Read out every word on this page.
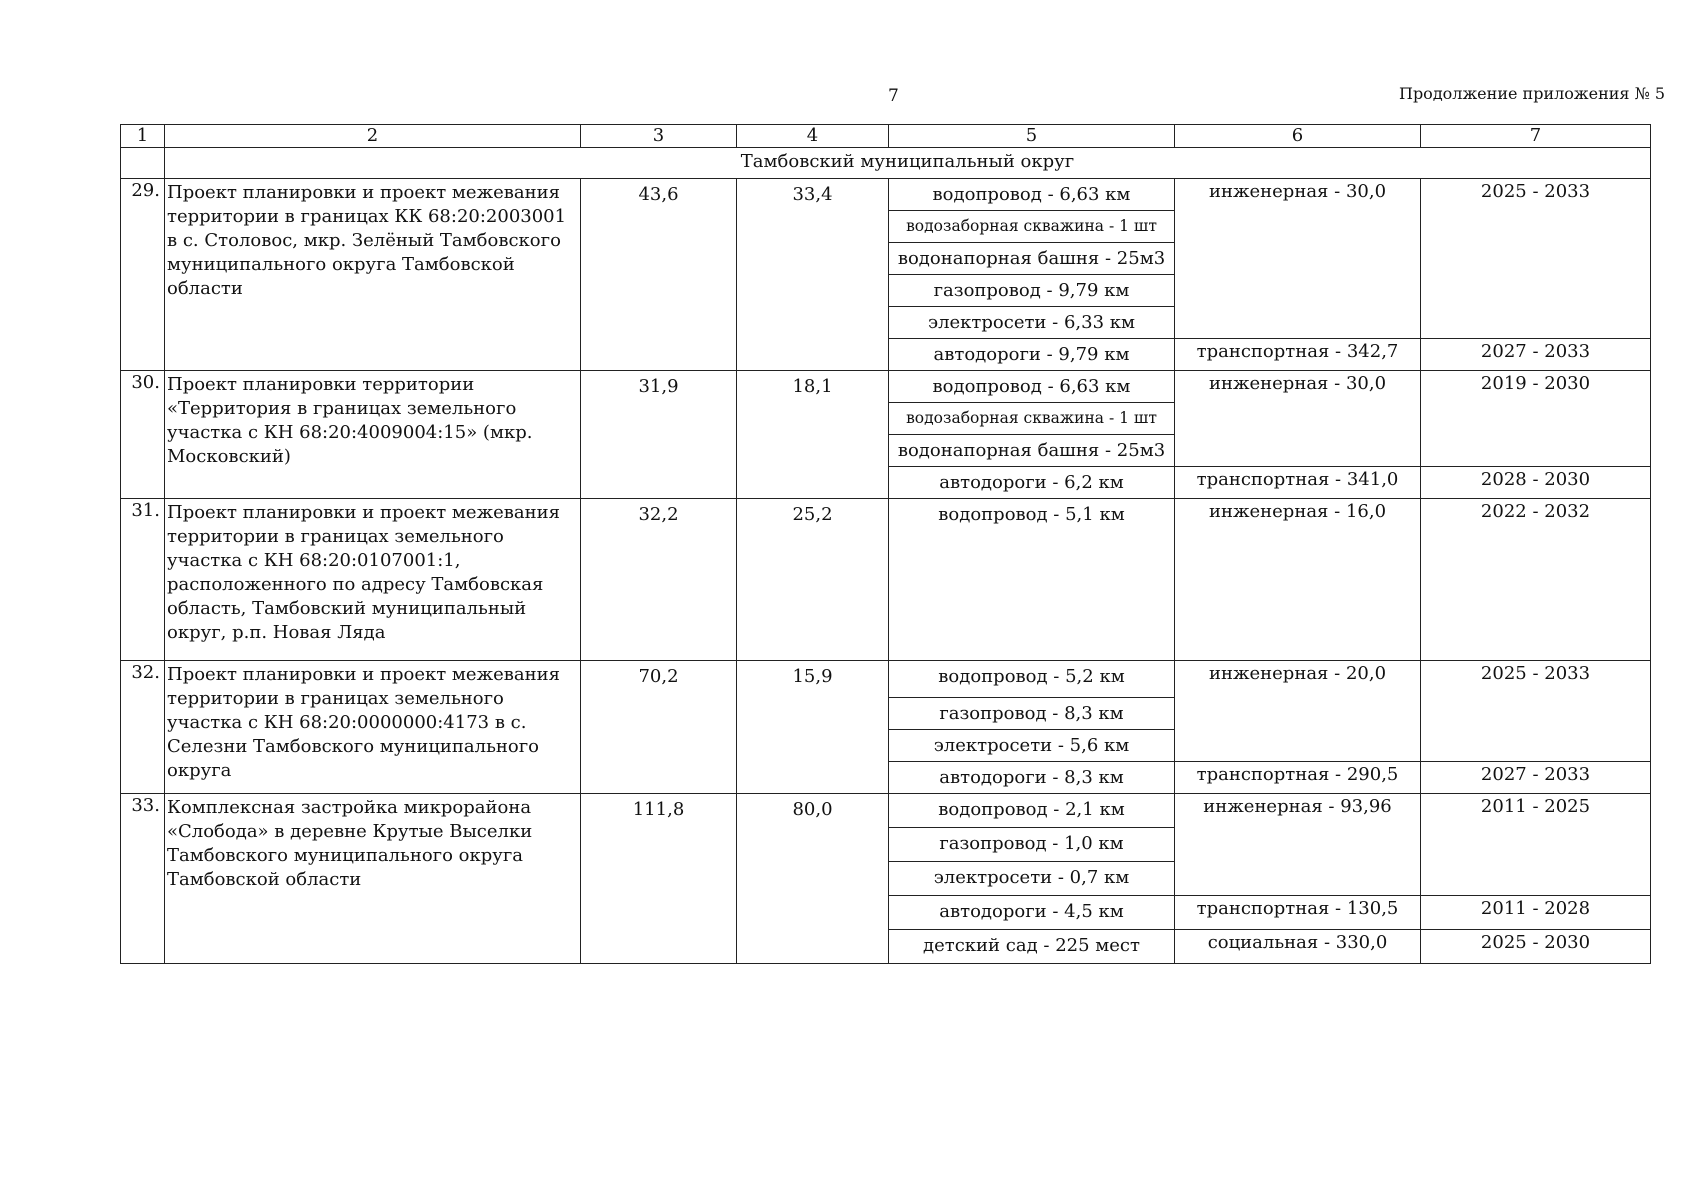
7	Продолжение приложения № 5
1	2	3	4	5	6	7
	Тамбовский муниципальный округ					
29.	Проект планировки и проект межевания территории в границах КК 68:20:2003001 в с. Столовос, мкр. Зелёный Тамбовского муниципального округа Тамбовской области	43,6	33,4	водопровод - 6,63 км	инженерная - 30,0	2025 - 2033
				водозаборная скважина - 1 шт		
				водонапорная башня - 25м3		
				газопровод - 9,79 км		
				электросети - 6,33 км		
				автодороги - 9,79 км	транспортная - 342,7	2027 - 2033
30.	Проект планировки территории «Территория в границах земельного участка с КН 68:20:4009004:15» (мкр. Московский)	31,9	18,1	водопровод - 6,63 км	инженерная - 30,0	2019 - 2030
				водозаборная скважина - 1 шт		
				водонапорная башня - 25м3		
				автодороги - 6,2 км	транспортная - 341,0	2028 - 2030
31.	Проект планировки и проект межевания территории в границах земельного участка с КН 68:20:0107001:1, расположенного по адресу Тамбовская область, Тамбовский муниципальный округ, р.п. Новая Ляда	32,2	25,2	водопровод - 5,1 км	инженерная - 16,0	2022 - 2032
32.	Проект планировки и проект межевания территории в границах земельного участка с КН 68:20:0000000:4173 в с. Селезни Тамбовского муниципального округа	70,2	15,9	водопровод - 5,2 км	инженерная - 20,0	2025 - 2033
				газопровод - 8,3 км		
				электросети - 5,6 км		
				автодороги - 8,3 км	транспортная - 290,5	2027 - 2033
33.	Комплексная застройка микрорайона «Слобода» в деревне Крутые Выселки Тамбовского муниципального округа Тамбовской области	111,8	80,0	водопровод - 2,1 км	инженерная - 93,96	2011 - 2025
				газопровод - 1,0 км		
				электросети - 0,7 км		
				автодороги - 4,5 км	транспортная - 130,5	2011 - 2028
				детский сад - 225 мест	социальная - 330,0	2025 - 2030
